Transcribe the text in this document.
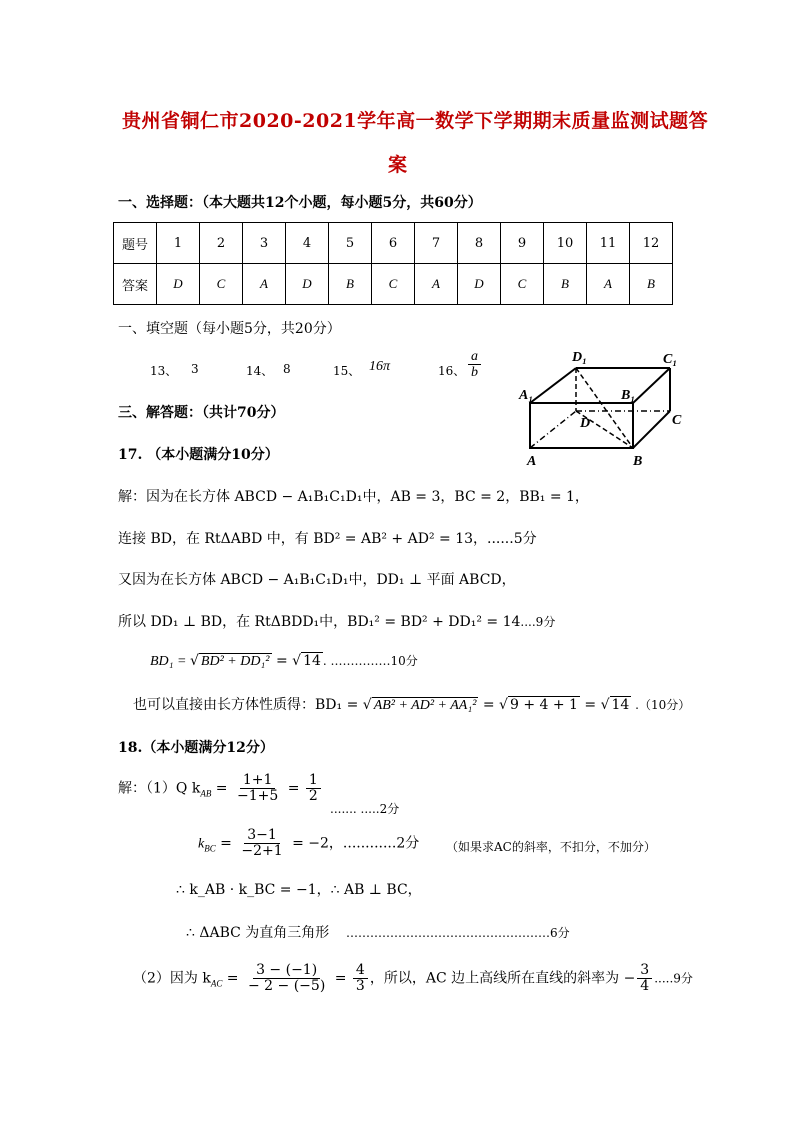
贵州省铜仁市2020-2021学年高一数学下学期期末质量监测试题答
案
一、选择题：（本大题共12个小题，每小题5分，共60分）
题号	1	2	3	4	5	6	7	8	9	10	11	12
答案	D	C	A	D	B	C	A	D	C	B	A	B
一、填空题（每小题5分，共20分）
13、 3	14、 8	15、 16π	16、 $\frac{a}{b}$	D₁	C₁
A₁	B₁
D	C
A	B
三、解答题：（共计70分）
17. （本小题满分10分）
解：因为在长方体 ABCD − A₁B₁C₁D₁中，AB = 3，BC = 2，BB₁ = 1，
连接 BD，在 RtΔABD 中，有 BD² = AB² + AD² = 13，......5分
又因为在长方体 ABCD − A₁B₁C₁D₁中，DD₁ ⊥ 平面 ABCD，
所以 DD₁ ⊥ BD，在 RtΔBDD₁中，BD₁² = BD² + DD₁² = 14....9分
BD₁ = √ BD² + DD₁² = √ 14 . ……………10分
也可以直接由长方体性质得：BD₁ = √ AB² + AD² + AA₁² = √ 9 + 4 + 1 = √ 14 .（10分）
18.（本小题满分12分）
解：（1）Q $k_{AB} = \frac{1+1}{-1+5} = \frac{1}{2}$
....... .....2分
$k_{BC} = \frac{3-1}{-2+1} = -2$，............2分 （如果求AC的斜率，不扣分，不加分）
∴ k_AB · k_BC = −1，∴ AB ⊥ BC，
∴ ΔABC 为直角三角形 ……………………………………………6分
（2）因为 $k_{AC} = \frac{3 - (-1)}{- 2 - (-5)} = \frac{4}{3}$ ，所以，AC 边上高线所在直线的斜率为 − $\frac{3}{4} .....9$分
